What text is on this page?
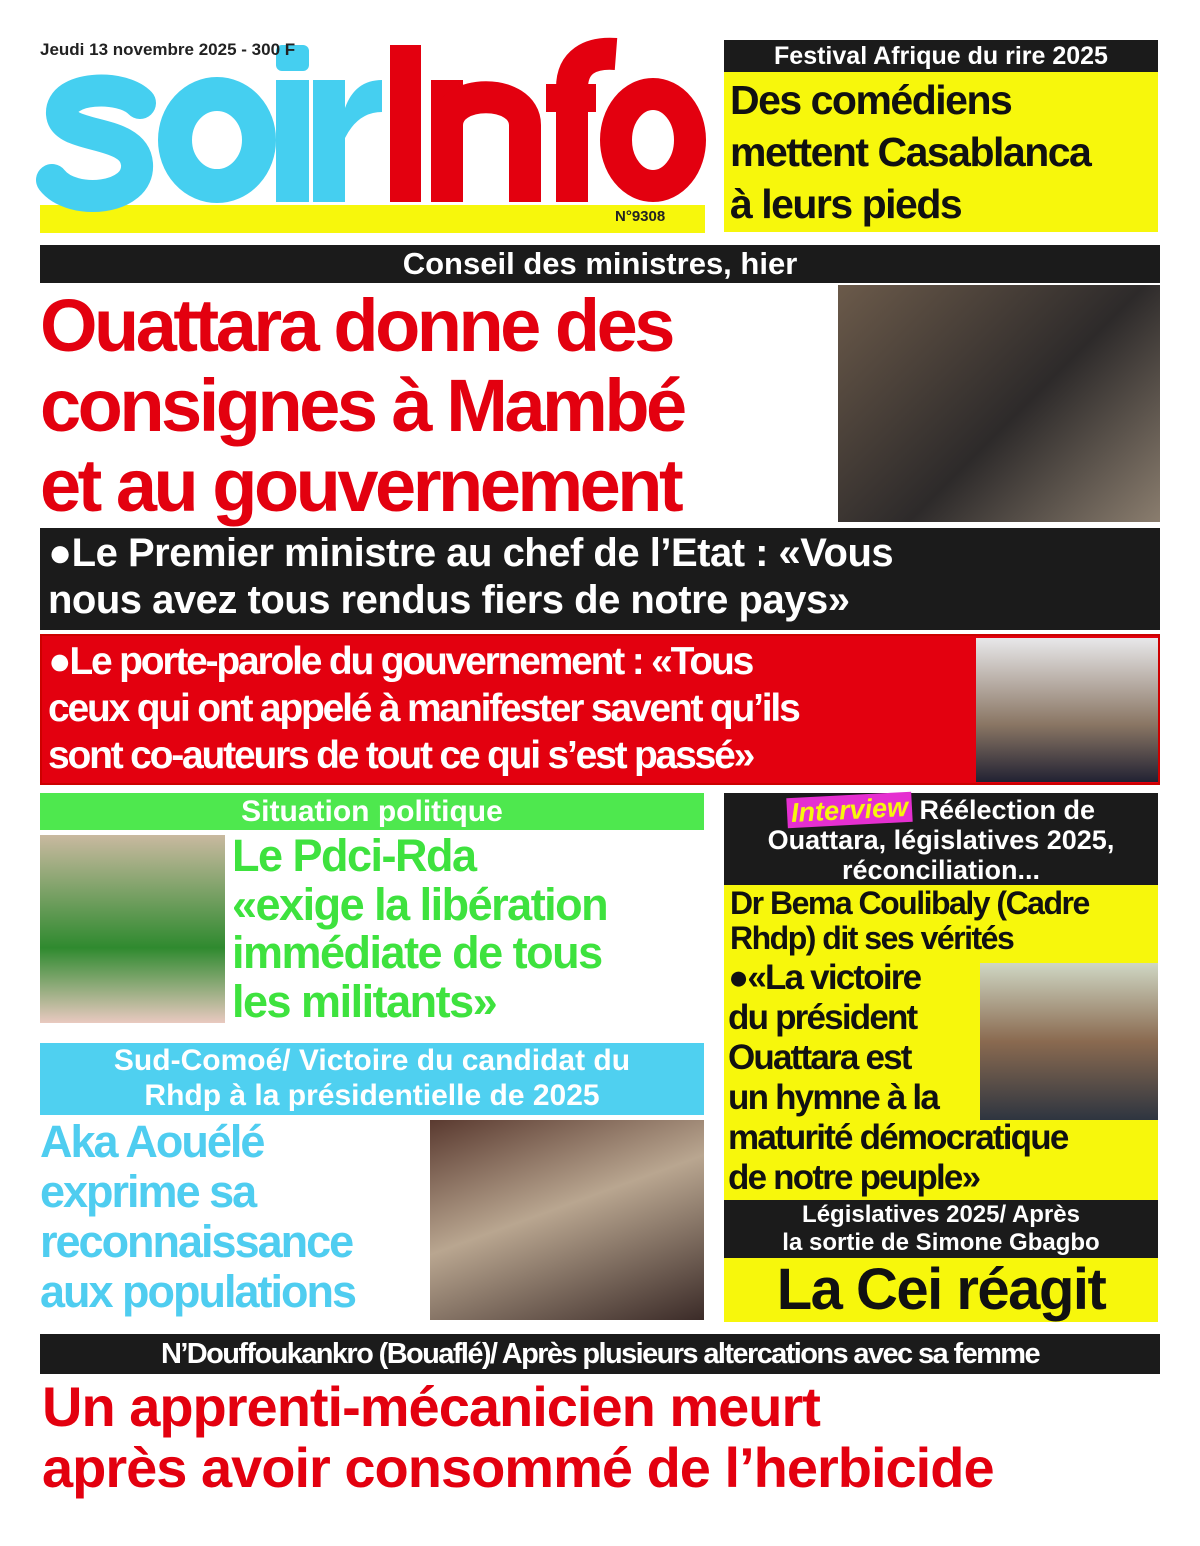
Jeudi 13 novembre 2025 - 300 F
N°9308
Festival Afrique du rire 2025
Des comédiens
mettent Casablanca
à leurs pieds
Conseil des ministres, hier
Ouattara donne des
consignes à Mambé
et au gouvernement
●Le Premier ministre au chef de l’Etat : «Vous
nous avez tous rendus fiers de notre pays»
●Le porte-parole du gouvernement : «Tous
ceux qui ont appelé à manifester savent qu’ils
sont co-auteurs de tout ce qui s’est passé»
Situation politique
Le Pdci-Rda
«exige la libération
immédiate de tous
les militants»
Sud-Comoé/ Victoire du candidat du
Rhdp à la présidentielle de 2025
Aka Aouélé
exprime sa
reconnaissance
aux populations
Interview Réélection de
Ouattara, législatives 2025,
réconciliation...
Dr Bema Coulibaly (Cadre
Rhdp) dit ses vérités
●«La victoire
du président
Ouattara est
un hymne à la
maturité démocratique
de notre peuple»
Législatives 2025/ Après
la sortie de Simone Gbagbo
La Cei réagit
N’Douffoukankro (Bouaflé)/ Après plusieurs altercations avec sa femme
Un apprenti-mécanicien meurt
après avoir consommé de l’herbicide
